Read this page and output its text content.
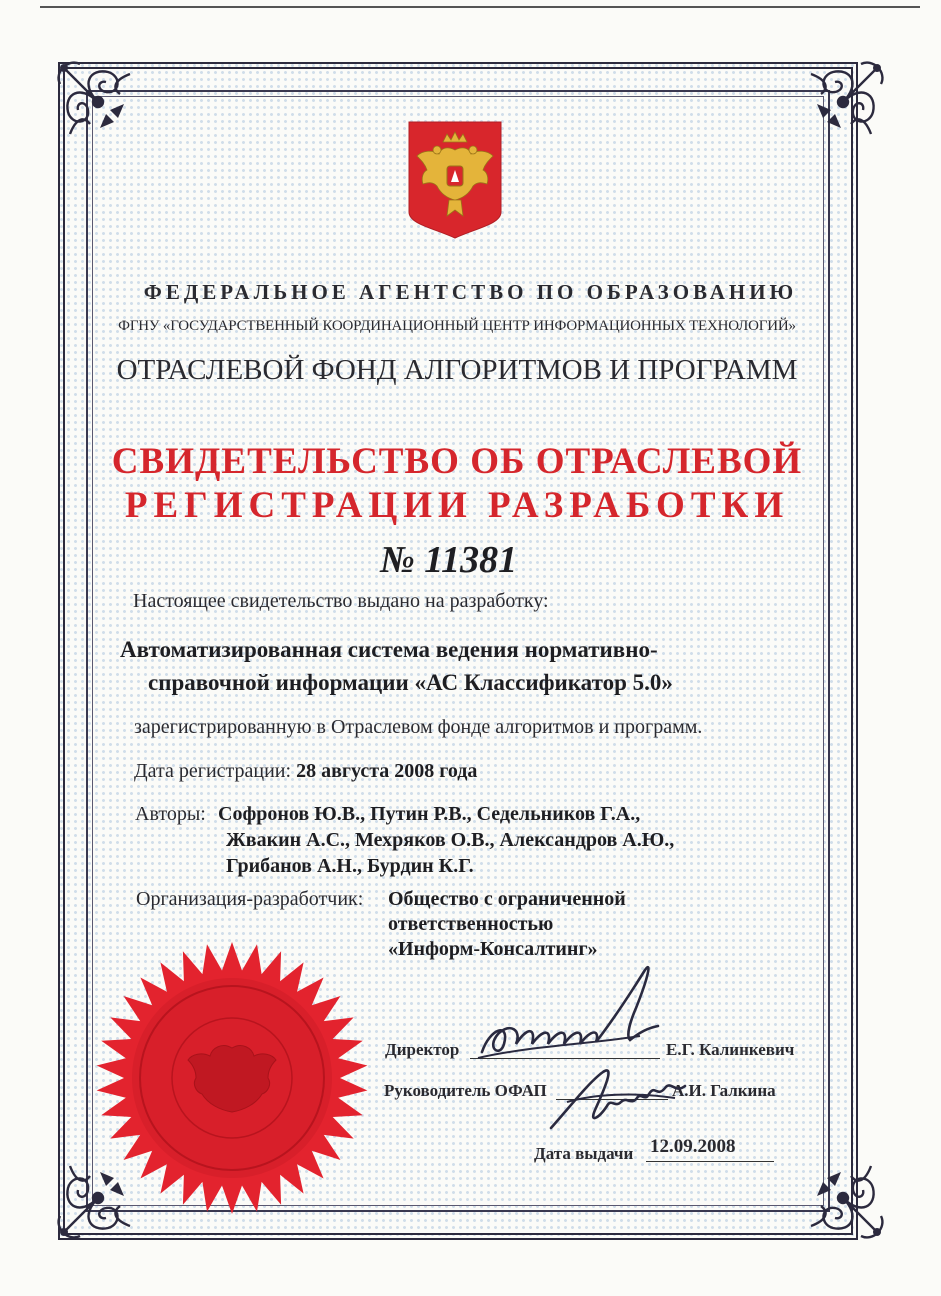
ФЕДЕРАЛЬНОЕ АГЕНТСТВО ПО ОБРАЗОВАНИЮ

ФГНУ «ГОСУДАРСТВЕННЫЙ КООРДИНАЦИОННЫЙ ЦЕНТР ИНФОРМАЦИОННЫХ ТЕХНОЛОГИЙ»

ОТРАСЛЕВОЙ ФОНД АЛГОРИТМОВ И ПРОГРАММ

СВИДЕТЕЛЬСТВО ОБ ОТРАСЛЕВОЙ

РЕГИСТРАЦИИ РАЗРАБОТКИ

№ 11381

Настоящее свидетельство выдано на разработку:

Автоматизированная система ведения нормативно-

справочной информации «АС Классификатор 5.0»

зарегистрированную в Отраслевом фонде алгоритмов и программ.

Дата регистрации: 28 августа 2008 года

Авторы: Софронов Ю.В., Путин Р.В., Седельников Г.А.,

Жвакин А.С., Мехряков О.В., Александров А.Ю.,

Грибанов А.Н., Бурдин К.Г.

Организация-разработчик: Общество с ограниченной

ответственностью

«Информ-Консалтинг»

Директор	Е.Г. Калинкевич

Руководитель ОФАП	А.И. Галкина

Дата выдачи 12.09.2008
